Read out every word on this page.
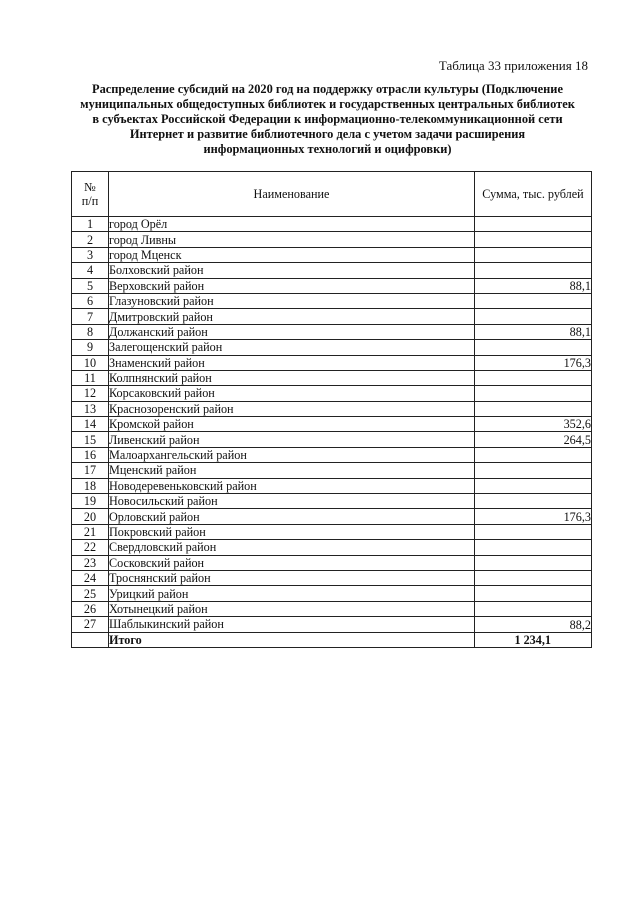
Таблица 33 приложения 18
Распределение субсидий на 2020 год на поддержку отрасли культуры (Подключение
муниципальных общедоступных библиотек и государственных центральных библиотек
в субъектах Российской Федерации к информационно-телекоммуникационной сети
Интернет и развитие библиотечного дела с учетом задачи расширения
информационных технологий и оцифровки)
№
п/п	Наименование	Сумма, тыс. рублей
1	город Орёл	
2	город Ливны	
3	город Мценск	
4	Болховский район	
5	Верховский район	88,1
6	Глазуновский район	
7	Дмитровский район	
8	Должанский район	88,1
9	Залегощенский район	
10	Знаменский район	176,3
11	Колпнянский район	
12	Корсаковский район	
13	Краснозоренский район	
14	Кромской район	352,6
15	Ливенский район	264,5
16	Малоархангельский район	
17	Мценский район	
18	Новодеревеньковский район	
19	Новосильский район	
20	Орловский район	176,3
21	Покровский район	
22	Свердловский район	
23	Сосковский район	
24	Троснянский район	
25	Урицкий район	
26	Хотынецкий район	
27	Шаблыкинский район	88,2
	Итого	1 234,1
